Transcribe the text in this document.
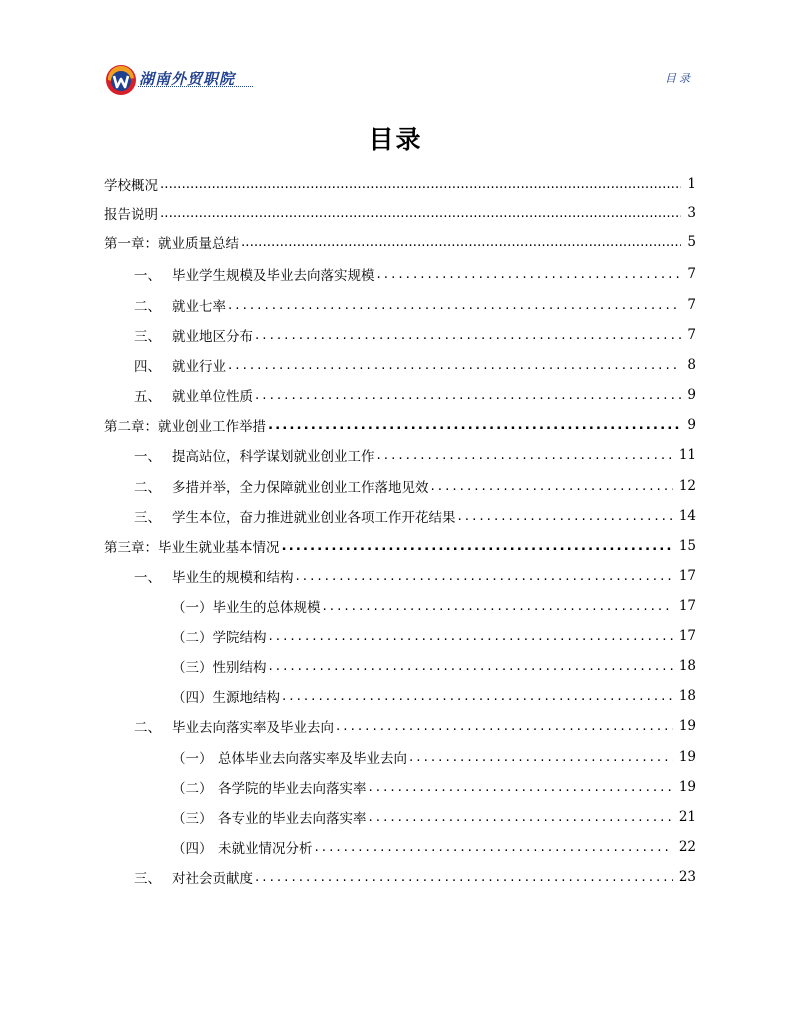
湖南外贸职院	目录
目录
学校概况 .....	1
报告说明 .....	3
第一章：就业质量总结 .....	5
一、 毕业学生规模及毕业去向落实规模 .....	7
二、 就业七率 .....	7
三、 就业地区分布 .....	7
四、 就业行业 .....	8
五、 就业单位性质 .....	9
第二章：就业创业工作举措 .....	9
一、 提高站位，科学谋划就业创业工作 .....	11
二、 多措并举，全力保障就业创业工作落地见效 .....	12
三、 学生本位，奋力推进就业创业各项工作开花结果 .....	14
第三章：毕业生就业基本情况 .....	15
一、 毕业生的规模和结构 .....	17
（一）毕业生的总体规模 .....	17
（二）学院结构 .....	17
（三）性别结构 .....	18
（四）生源地结构 .....	18
二、 毕业去向落实率及毕业去向 .....	19
（一） 总体毕业去向落实率及毕业去向 .....	19
（二） 各学院的毕业去向落实率 .....	19
（三） 各专业的毕业去向落实率 .....	21
（四） 未就业情况分析 .....	22
三、 对社会贡献度 .....	23
